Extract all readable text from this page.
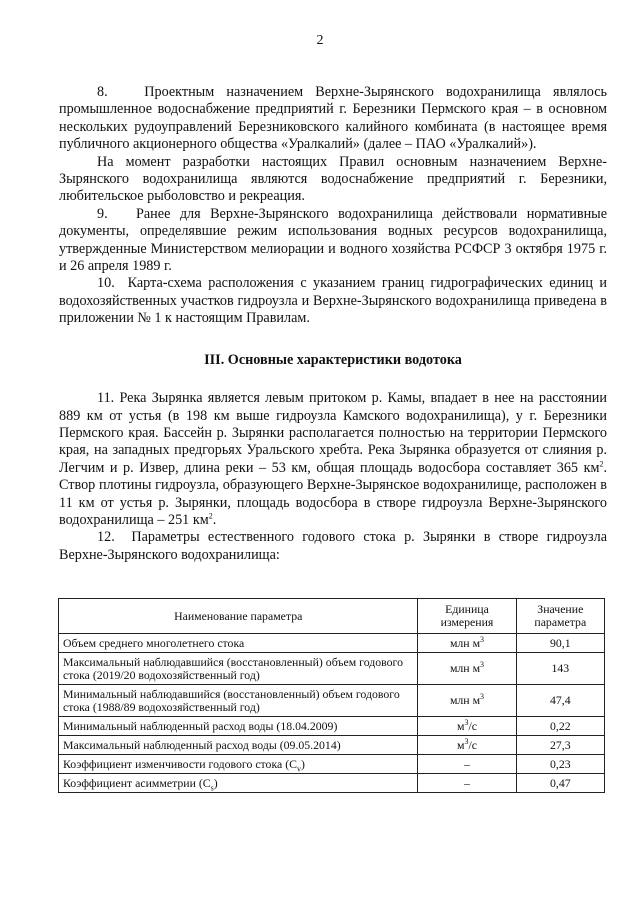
2

8.   Проектным назначением Верхне-Зырянского водохранилища являлось промышленное водоснабжение предприятий г. Березники Пермского края – в основном нескольких рудоуправлений Березниковского калийного комбината (в настоящее время публичного акционерного общества «Уралкалий» (далее – ПАО «Уралкалий»).

На момент разработки настоящих Правил основным назначением Верхне-Зырянского водохранилища являются водоснабжение предприятий г. Березники, любительское рыболовство и рекреация.

9.   Ранее для Верхне-Зырянского водохранилища действовали нормативные документы, определявшие режим использования водных ресурсов водохранилища, утвержденные Министерством мелиорации и водного хозяйства РСФСР 3 октября 1975 г. и 26 апреля 1989 г.

10.  Карта-схема расположения с указанием границ гидрографических единиц и водохозяйственных участков гидроузла и Верхне-Зырянского водохранилища приведена в приложении № 1 к настоящим Правилам.

III. Основные характеристики водотока

11. Река Зырянка является левым притоком р. Камы, впадает в нее на расстоянии 889 км от устья (в 198 км выше гидроузла Камского водохранилища), у г. Березники Пермского края. Бассейн р. Зырянки располагается полностью на территории Пермского края, на западных предгорьях Уральского хребта. Река Зырянка образуется от слияния р. Легчим и р. Извер, длина реки – 53 км, общая площадь водосбора составляет 365 $км^2$. Створ плотины гидроузла, образующего Верхне-Зырянское водохранилище, расположен в 11 км от устья р. Зырянки, площадь водосбора в створе гидроузла Верхне-Зырянского водохранилища – 251 $км^2$.

12.  Параметры естественного годового стока р. Зырянки в створе гидроузла Верхне-Зырянского водохранилища:

Наименование параметра	Единица измерения	Значение параметра
Объем среднего многолетнего стока	млн $м^3$	90,1
Максимальный наблюдавшийся (восстановленный) объем годового стока (2019/20 водохозяйственный год)	млн $м^3$	143
Минимальный наблюдавшийся (восстановленный) объем годового стока (1988/89 водохозяйственный год)	млн $м^3$	47,4
Минимальный наблюденный расход воды (18.04.2009)	$м^3/с$	0,22
Максимальный наблюденный расход воды (09.05.2014)	$м^3/с$	27,3
Коэффициент изменчивости годового стока $(C_v)$	–	0,23
Коэффициент асимметрии $(C_s)$	–	0,47
